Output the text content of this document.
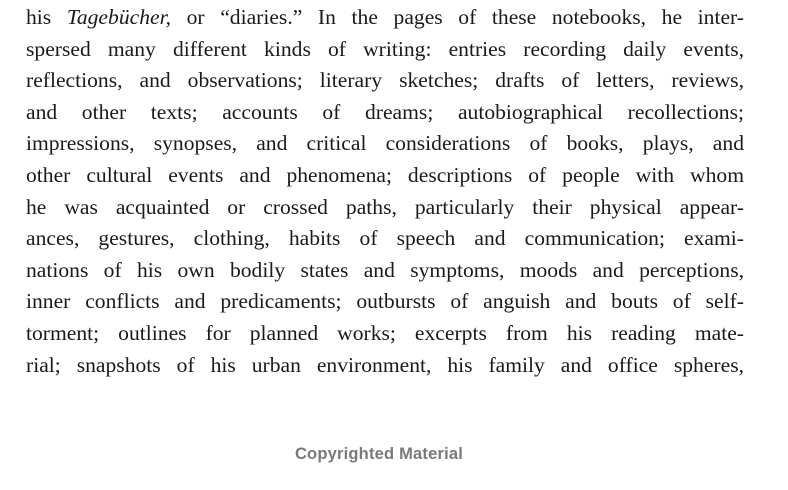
his Tagebücher, or “diaries.” In the pages of these notebooks, he inter-
spersed many different kinds of writing: entries recording daily events,
reflections, and observations; literary sketches; drafts of letters, reviews,
and other texts; accounts of dreams; autobiographical recollections;
impressions, synopses, and critical considerations of books, plays, and
other cultural events and phenomena; descriptions of people with whom
he was acquainted or crossed paths, particularly their physical appear-
ances, gestures, clothing, habits of speech and communication; exami-
nations of his own bodily states and symptoms, moods and perceptions,
inner conflicts and predicaments; outbursts of anguish and bouts of self-
torment; outlines for planned works; excerpts from his reading mate-
rial; snapshots of his urban environment, his family and office spheres,
Copyrighted Material
